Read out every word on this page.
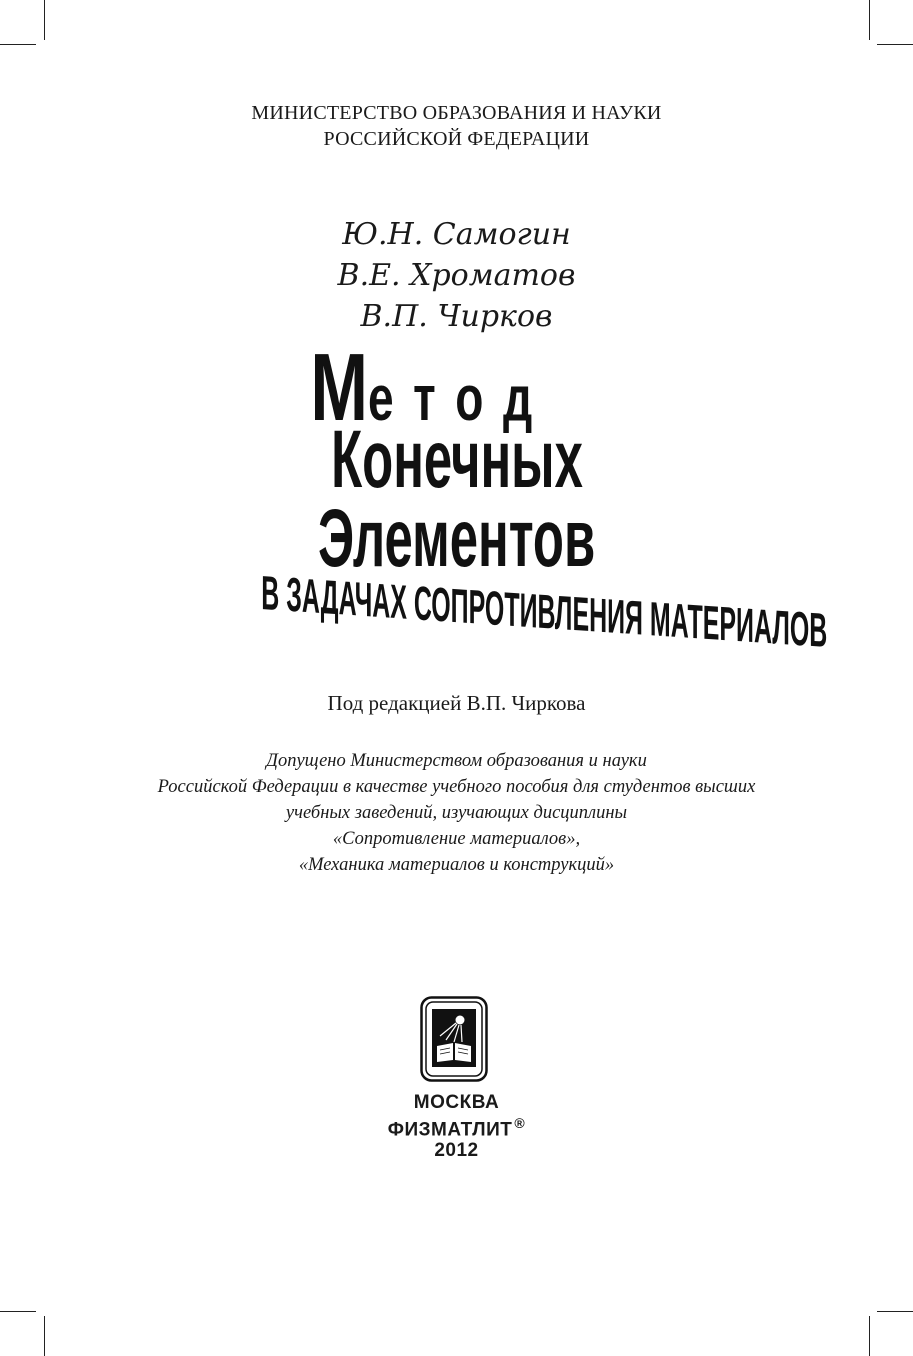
МИНИСТЕРСТВО ОБРАЗОВАНИЯ И НАУКИ
РОССИЙСКОЙ ФЕДЕРАЦИИ
Ю.Н. Самогин
В.Е. Хроматов
В.П. Чирков
Метод
Конечных
Элементов
В ЗАДАЧАХ СОПРОТИВЛЕНИЯ МАТЕРИАЛОВ
Под редакцией В.П. Чиркова
Допущено Министерством образования и науки
Российской Федерации в качестве учебного пособия для студентов высших
учебных заведений, изучающих дисциплины
«Сопротивление материалов»,
«Механика материалов и конструкций»
МОСКВА
ФИЗМАТЛИТ ®
2012
